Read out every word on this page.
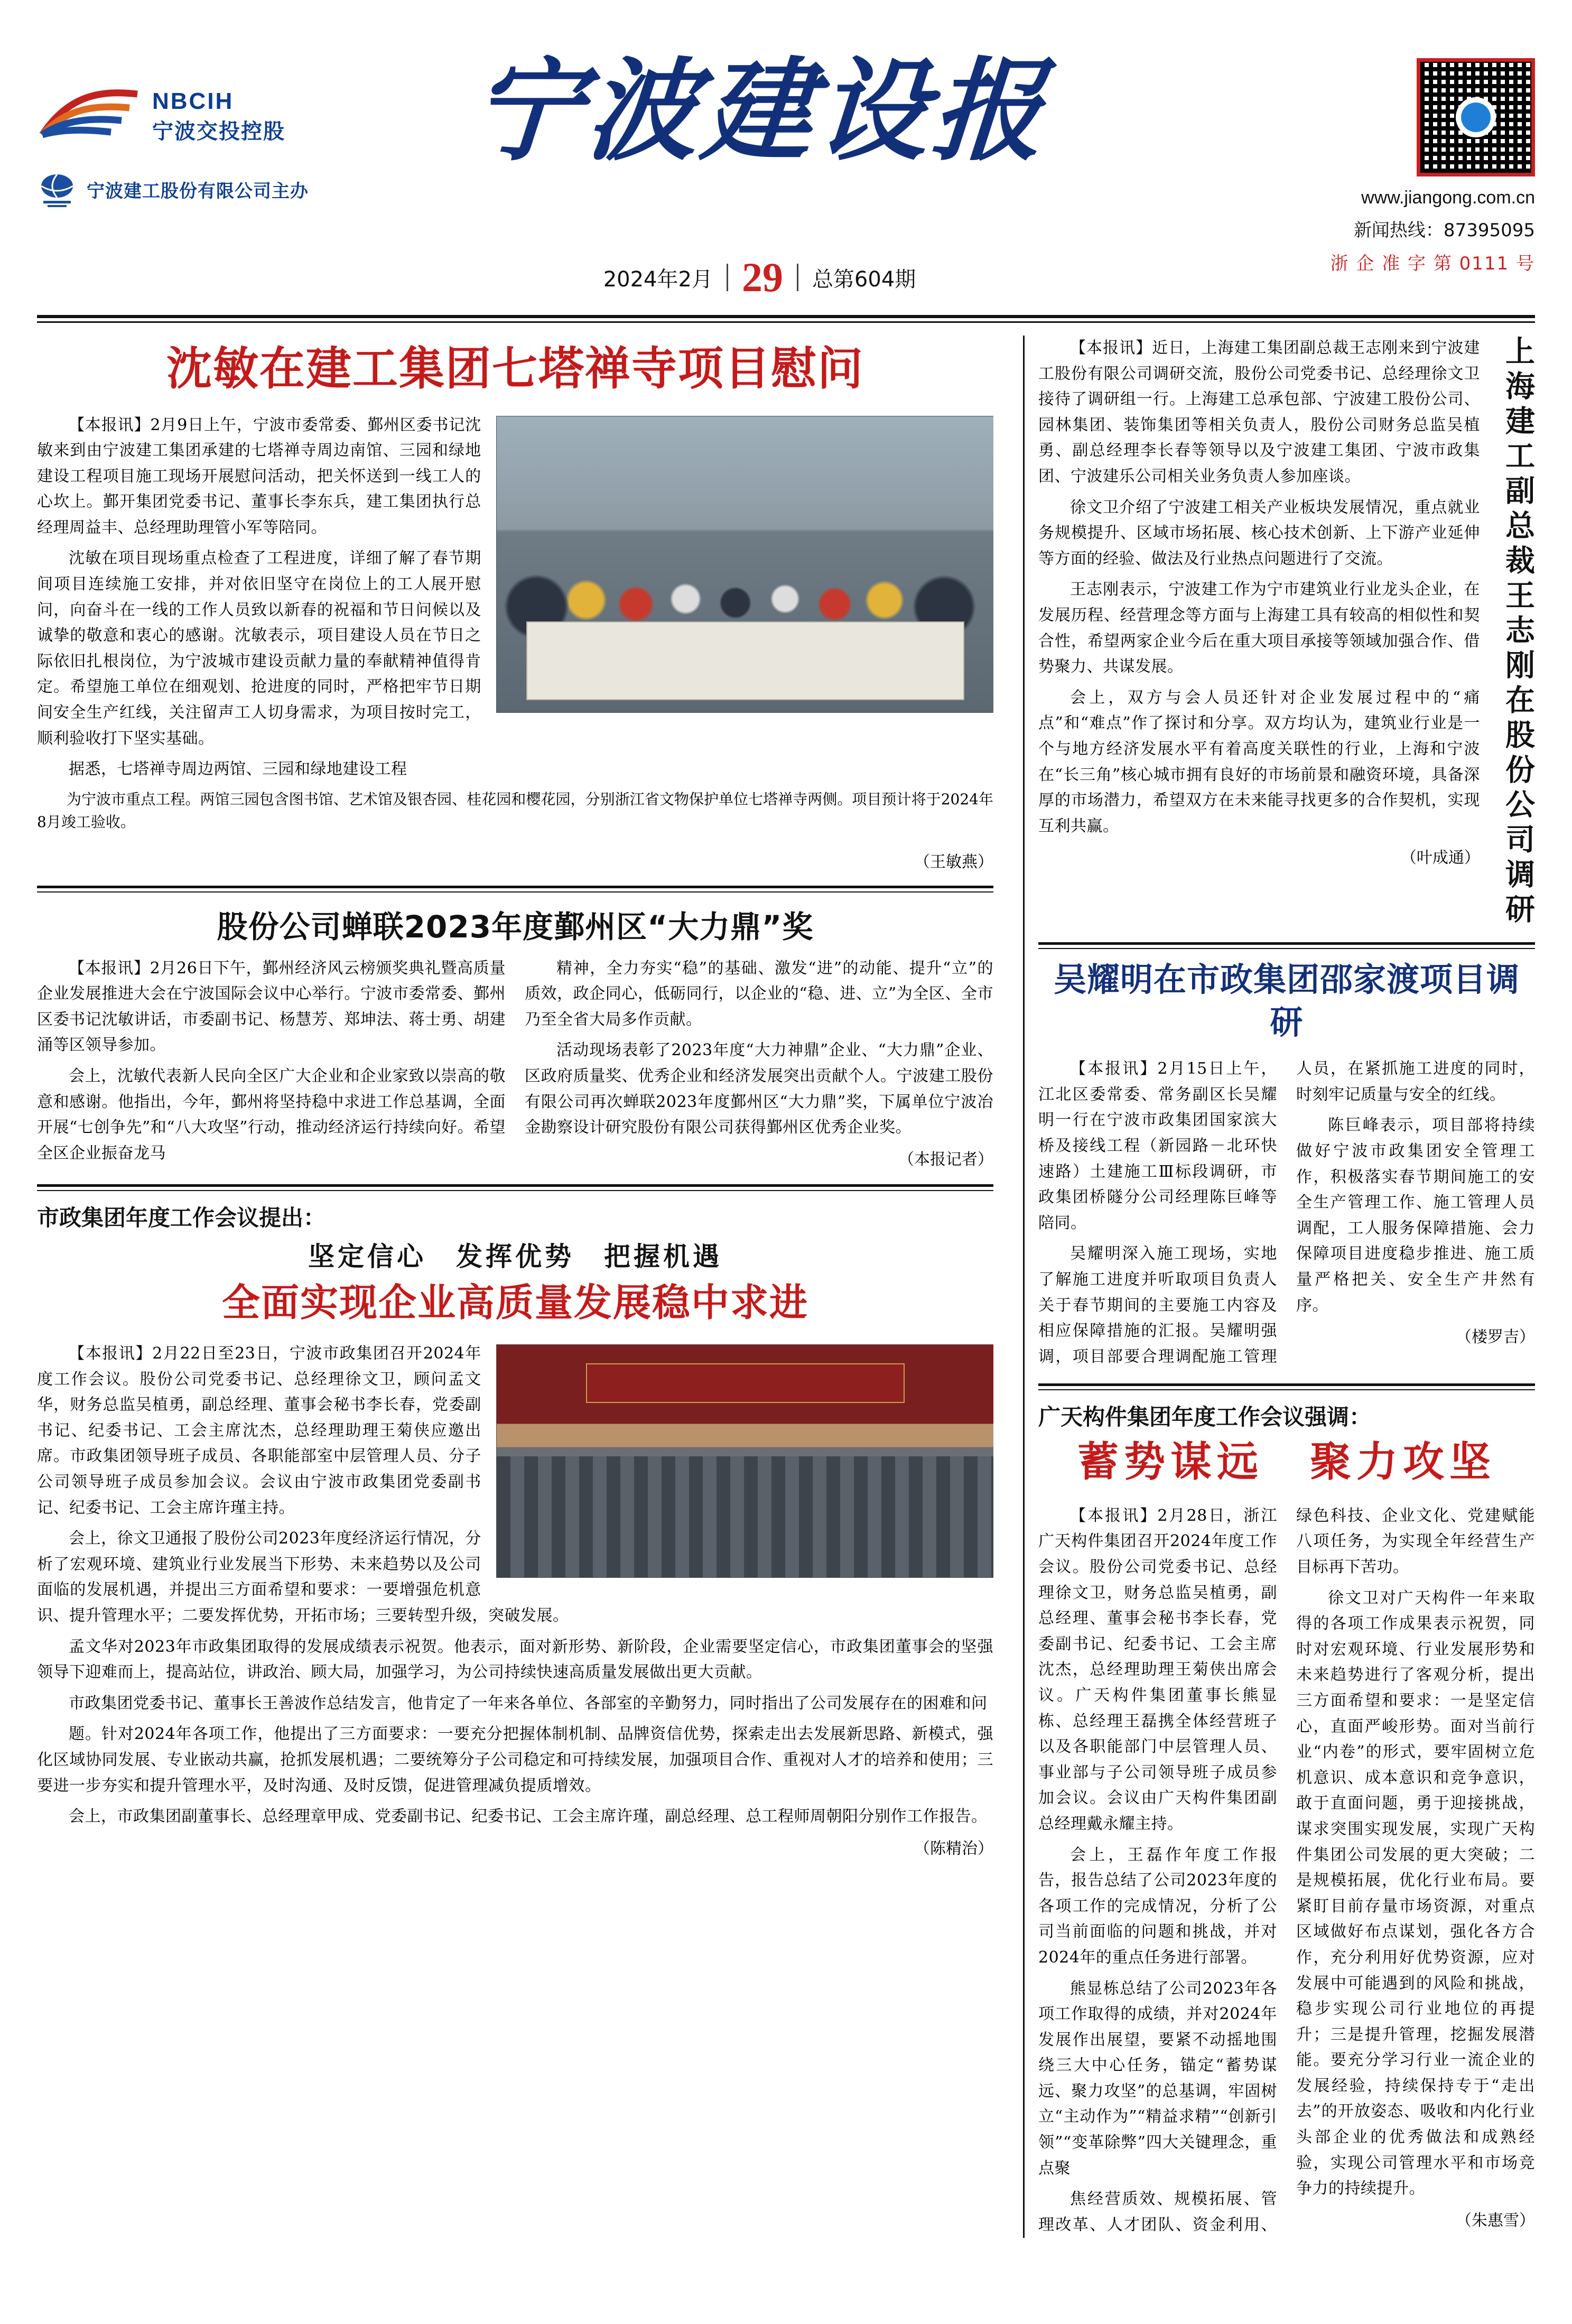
NBCIH
宁波交投控股
宁波建工股份有限公司主办
宁波建设报
www.jiangong.com.cn
新闻热线：87395095
浙 企 准 字 第 0111 号
2024年2月 29 总第604期
沈敏在建工集团七塔禅寺项目慰问

【本报讯】2月9日上午，宁波市委常委、鄞州区委书记沈敏来到由宁波建工集团承建的七塔禅寺周边南馆、三园和绿地建设工程项目施工现场开展慰问活动，把关怀送到一线工人的心坎上。鄞开集团党委书记、董事长李东兵，建工集团执行总经理周益丰、总经理助理管小军等陪同。

沈敏在项目现场重点检查了工程进度，详细了解了春节期间项目连续施工安排，并对依旧坚守在岗位上的工人展开慰问，向奋斗在一线的工作人员致以新春的祝福和节日问候以及诚挚的敬意和衷心的感谢。沈敏表示，项目建设人员在节日之际依旧扎根岗位，为宁波城市建设贡献力量的奉献精神值得肯定。希望施工单位在细观划、抢进度的同时，严格把牢节日期间安全生产红线，关注留声工人切身需求，为项目按时完工，顺利验收打下坚实基础。

据悉，七塔禅寺周边两馆、三园和绿地建设工程

为宁波市重点工程。两馆三园包含图书馆、艺术馆及银杏园、桂花园和樱花园，分别浙江省文物保护单位七塔禅寺两侧。项目预计将于2024年8月竣工验收。

（王敏燕）
股份公司蝉联2023年度鄞州区“大力鼎”奖

【本报讯】2月26日下午，鄞州经济风云榜颁奖典礼暨高质量企业发展推进大会在宁波国际会议中心举行。宁波市委常委、鄞州区委书记沈敏讲话，市委副书记、杨慧芳、郑坤法、蒋士勇、胡建涌等区领导参加。

会上，沈敏代表新人民向全区广大企业和企业家致以崇高的敬意和感谢。他指出，今年，鄞州将坚持稳中求进工作总基调，全面开展“七创争先”和“八大攻坚”行动，推动经济运行持续向好。希望全区企业振奋龙马

精神，全力夯实“稳”的基础、激发“进”的动能、提升“立”的质效，政企同心，低砺同行，以企业的“稳、进、立”为全区、全市乃至全省大局多作贡献。

活动现场表彰了2023年度“大力神鼎”企业、“大力鼎”企业、区政府质量奖、优秀企业和经济发展突出贡献个人。宁波建工股份有限公司再次蝉联2023年度鄞州区“大力鼎”奖，下属单位宁波冶金勘察设计研究股份有限公司获得鄞州区优秀企业奖。

（本报记者）
市政集团年度工作会议提出：
坚定信心　发挥优势　把握机遇
全面实现企业高质量发展稳中求进

【本报讯】2月22日至23日，宁波市政集团召开2024年度工作会议。股份公司党委书记、总经理徐文卫，顾问孟文华，财务总监吴植勇，副总经理、董事会秘书李长春，党委副书记、纪委书记、工会主席沈杰，总经理助理王菊侠应邀出席。市政集团领导班子成员、各职能部室中层管理人员、分子公司领导班子成员参加会议。会议由宁波市政集团党委副书记、纪委书记、工会主席许瑾主持。

会上，徐文卫通报了股份公司2023年度经济运行情况，分析了宏观环境、建筑业行业发展当下形势、未来趋势以及公司面临的发展机遇，并提出三方面希望和要求：一要增强危机意识、提升管理水平；二要发挥优势，开拓市场；三要转型升级，突破发展。

孟文华对2023年市政集团取得的发展成绩表示祝贺。他表示，面对新形势、新阶段，企业需要坚定信心，市政集团董事会的坚强领导下迎难而上，提高站位，讲政治、顾大局，加强学习，为公司持续快速高质量发展做出更大贡献。

市政集团党委书记、董事长王善波作总结发言，他肯定了一年来各单位、各部室的辛勤努力，同时指出了公司发展存在的困难和问

题。针对2024年各项工作，他提出了三方面要求：一要充分把握体制机制、品牌资信优势，探索走出去发展新思路、新模式，强化区域协同发展、专业嵌动共赢，抢抓发展机遇；二要统筹分子公司稳定和可持续发展，加强项目合作、重视对人才的培养和使用；三要进一步夯实和提升管理水平，及时沟通、及时反馈，促进管理减负提质增效。

会上，市政集团副董事长、总经理章甲成、党委副书记、纪委书记、工会主席许瑾，副总经理、总工程师周朝阳分别作工作报告。

（陈精治）

【本报讯】近日，上海建工集团副总裁王志刚来到宁波建工股份有限公司调研交流，股份公司党委书记、总经理徐文卫接待了调研组一行。上海建工总承包部、宁波建工股份公司、园林集团、装饰集团等相关负责人，股份公司财务总监吴植勇、副总经理李长春等领导以及宁波建工集团、宁波市政集团、宁波建乐公司相关业务负责人参加座谈。

徐文卫介绍了宁波建工相关产业板块发展情况，重点就业务规模提升、区域市场拓展、核心技术创新、上下游产业延伸等方面的经验、做法及行业热点问题进行了交流。

王志刚表示，宁波建工作为宁市建筑业行业龙头企业，在发展历程、经营理念等方面与上海建工具有较高的相似性和契合性，希望两家企业今后在重大项目承接等领域加强合作、借势聚力、共谋发展。

会上，双方与会人员还针对企业发展过程中的“痛点”和“难点”作了探讨和分享。双方均认为，建筑业行业是一个与地方经济发展水平有着高度关联性的行业，上海和宁波在“长三角”核心城市拥有良好的市场前景和融资环境，具备深厚的市场潜力，希望双方在未来能寻找更多的合作契机，实现互利共赢。

（叶成通） 上海建工副总裁王志刚在股份公司调研
吴耀明在市政集团邵家渡项目调研

【本报讯】2月15日上午，江北区委常委、常务副区长吴耀明一行在宁波市政集团国家滨大桥及接线工程（新园路－北环快速路）土建施工Ⅲ标段调研，市政集团桥隧分公司经理陈巨峰等陪同。

吴耀明深入施工现场，实地了解施工进度并听取项目负责人关于春节期间的主要施工内容及相应保障措施的汇报。吴耀明强调，项目部要合理调配施工管理人员，在紧抓施工进度的同时，时刻牢记质量与安全的红线。

陈巨峰表示，项目部将持续做好宁波市政集团安全管理工作，积极落实春节期间施工的安全生产管理工作、施工管理人员调配，工人服务保障措施、会力保障项目进度稳步推进、施工质量严格把关、安全生产井然有序。

（楼罗吉）
广天构件集团年度工作会议强调：
蓄势谋远　聚力攻坚

【本报讯】2月28日，浙江广天构件集团召开2024年度工作会议。股份公司党委书记、总经理徐文卫，财务总监吴植勇，副总经理、董事会秘书李长春，党委副书记、纪委书记、工会主席沈杰，总经理助理王菊侠出席会议。广天构件集团董事长熊显栋、总经理王磊携全体经营班子以及各职能部门中层管理人员、事业部与子公司领导班子成员参加会议。会议由广天构件集团副总经理戴永耀主持。

会上，王磊作年度工作报告，报告总结了公司2023年度的各项工作的完成情况，分析了公司当前面临的问题和挑战，并对2024年的重点任务进行部署。

熊显栋总结了公司2023年各项工作取得的成绩，并对2024年发展作出展望，要紧不动摇地围绕三大中心任务，锚定“蓄势谋远、聚力攻坚”的总基调，牢固树立“主动作为”“精益求精”“创新引领”“变革除弊”四大关键理念，重点聚

焦经营质效、规模拓展、管理改革、人才团队、资金利用、绿色科技、企业文化、党建赋能八项任务，为实现全年经营生产目标再下苦功。

徐文卫对广天构件一年来取得的各项工作成果表示祝贺，同时对宏观环境、行业发展形势和未来趋势进行了客观分析，提出三方面希望和要求：一是坚定信心，直面严峻形势。面对当前行业“内卷”的形式，要牢固树立危机意识、成本意识和竞争意识，敢于直面问题，勇于迎接挑战，谋求突围实现发展，实现广天构件集团公司发展的更大突破；二是规模拓展，优化行业布局。要紧盯目前存量市场资源，对重点区域做好布点谋划，强化各方合作，充分利用好优势资源，应对发展中可能遇到的风险和挑战，稳步实现公司行业地位的再提升；三是提升管理，挖掘发展潜能。要充分学习行业一流企业的发展经验，持续保持专于“走出去”的开放姿态、吸收和内化行业头部企业的优秀做法和成熟经验，实现公司管理水平和市场竞争力的持续提升。

（朱惠雪）
